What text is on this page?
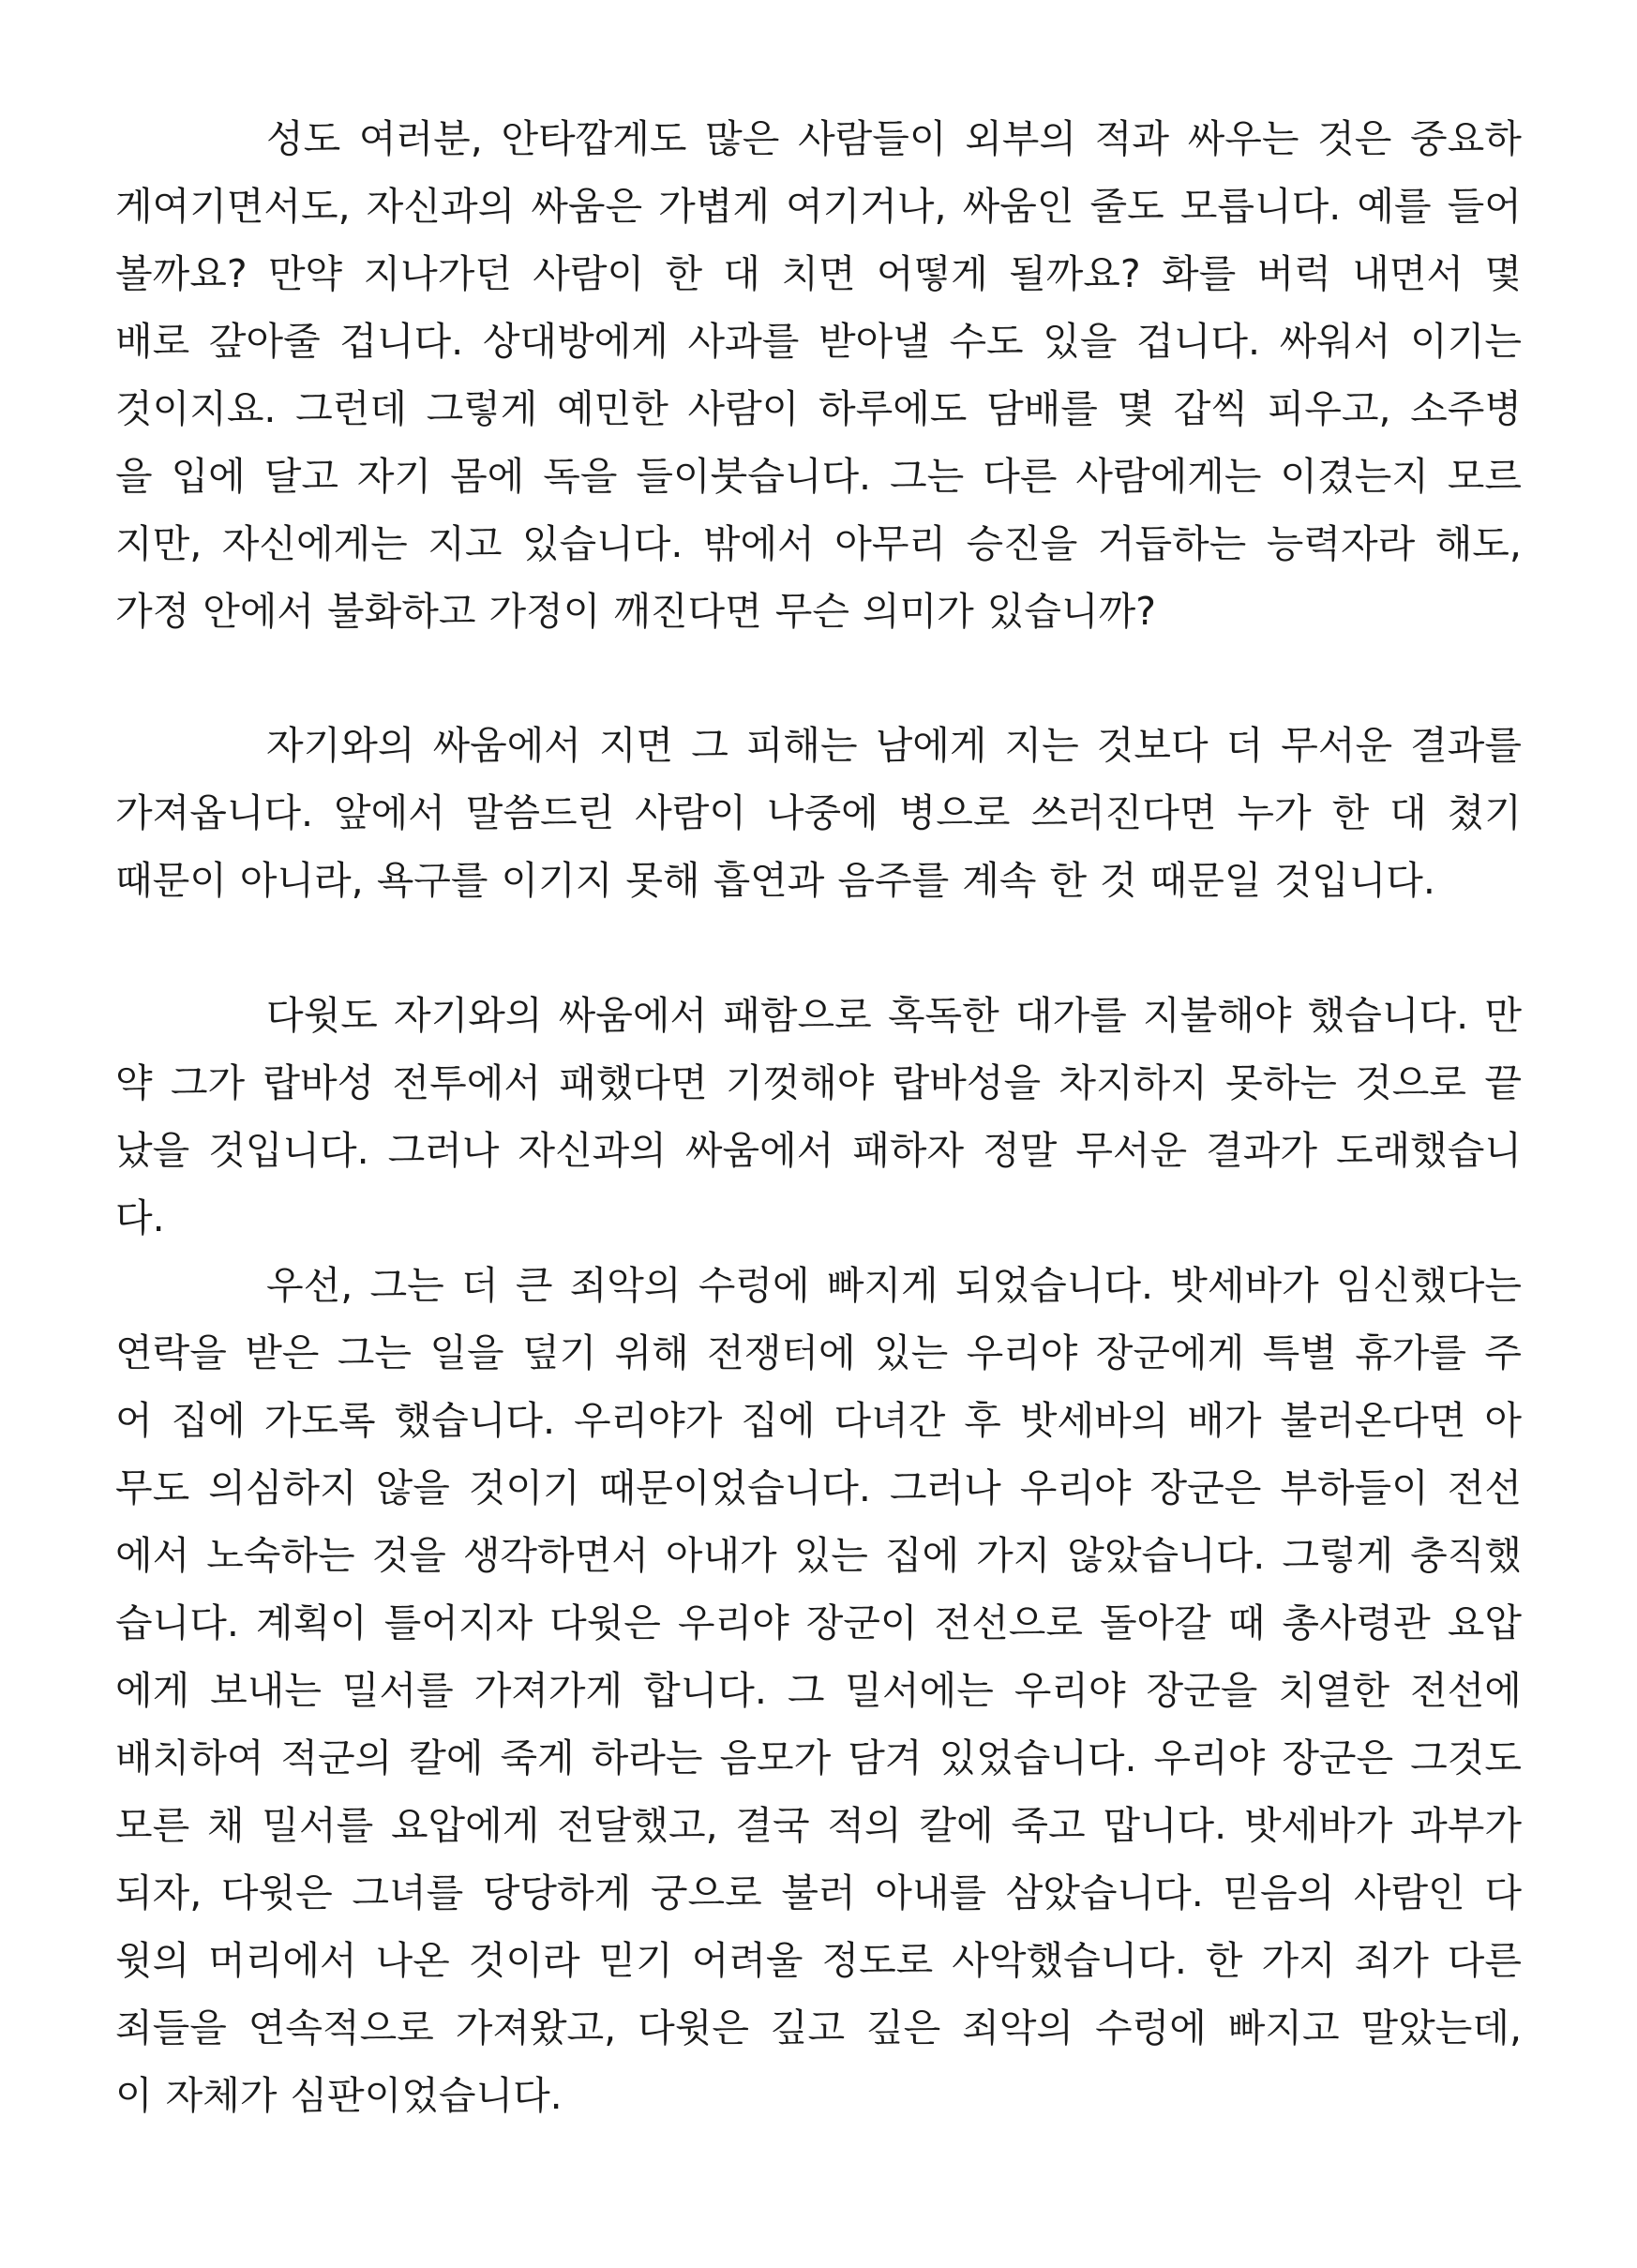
성도 여러분, 안타깝게도 많은 사람들이 외부의 적과 싸우는 것은 중요하
게여기면서도, 자신과의 싸움은 가볍게 여기거나, 싸움인 줄도 모릅니다. 예를 들어
볼까요? 만약 지나가던 사람이 한 대 치면 어떻게 될까요? 화를 버럭 내면서 몇
배로 갚아줄 겁니다. 상대방에게 사과를 받아낼 수도 있을 겁니다. 싸워서 이기는
것이지요. 그런데 그렇게 예민한 사람이 하루에도 담배를 몇 갑씩 피우고, 소주병
을 입에 달고 자기 몸에 독을 들이붓습니다. 그는 다른 사람에게는 이겼는지 모르
지만, 자신에게는 지고 있습니다. 밖에서 아무리 승진을 거듭하는 능력자라 해도,
가정 안에서 불화하고 가정이 깨진다면 무슨 의미가 있습니까?
자기와의 싸움에서 지면 그 피해는 남에게 지는 것보다 더 무서운 결과를
가져옵니다. 앞에서 말씀드린 사람이 나중에 병으로 쓰러진다면 누가 한 대 쳤기
때문이 아니라, 욕구를 이기지 못해 흡연과 음주를 계속 한 것 때문일 것입니다.
다윗도 자기와의 싸움에서 패함으로 혹독한 대가를 지불해야 했습니다. 만
약 그가 랍바성 전투에서 패했다면 기껏해야 랍바성을 차지하지 못하는 것으로 끝
났을 것입니다. 그러나 자신과의 싸움에서 패하자 정말 무서운 결과가 도래했습니
다.
우선, 그는 더 큰 죄악의 수렁에 빠지게 되었습니다. 밧세바가 임신했다는
연락을 받은 그는 일을 덮기 위해 전쟁터에 있는 우리야 장군에게 특별 휴가를 주
어 집에 가도록 했습니다. 우리야가 집에 다녀간 후 밧세바의 배가 불러온다면 아
무도 의심하지 않을 것이기 때문이었습니다. 그러나 우리야 장군은 부하들이 전선
에서 노숙하는 것을 생각하면서 아내가 있는 집에 가지 않았습니다. 그렇게 충직했
습니다. 계획이 틀어지자 다윗은 우리야 장군이 전선으로 돌아갈 때 총사령관 요압
에게 보내는 밀서를 가져가게 합니다. 그 밀서에는 우리야 장군을 치열한 전선에
배치하여 적군의 칼에 죽게 하라는 음모가 담겨 있었습니다. 우리야 장군은 그것도
모른 채 밀서를 요압에게 전달했고, 결국 적의 칼에 죽고 맙니다. 밧세바가 과부가
되자, 다윗은 그녀를 당당하게 궁으로 불러 아내를 삼았습니다. 믿음의 사람인 다
윗의 머리에서 나온 것이라 믿기 어려울 정도로 사악했습니다. 한 가지 죄가 다른
죄들을 연속적으로 가져왔고, 다윗은 깊고 깊은 죄악의 수렁에 빠지고 말았는데,
이 자체가 심판이었습니다.
